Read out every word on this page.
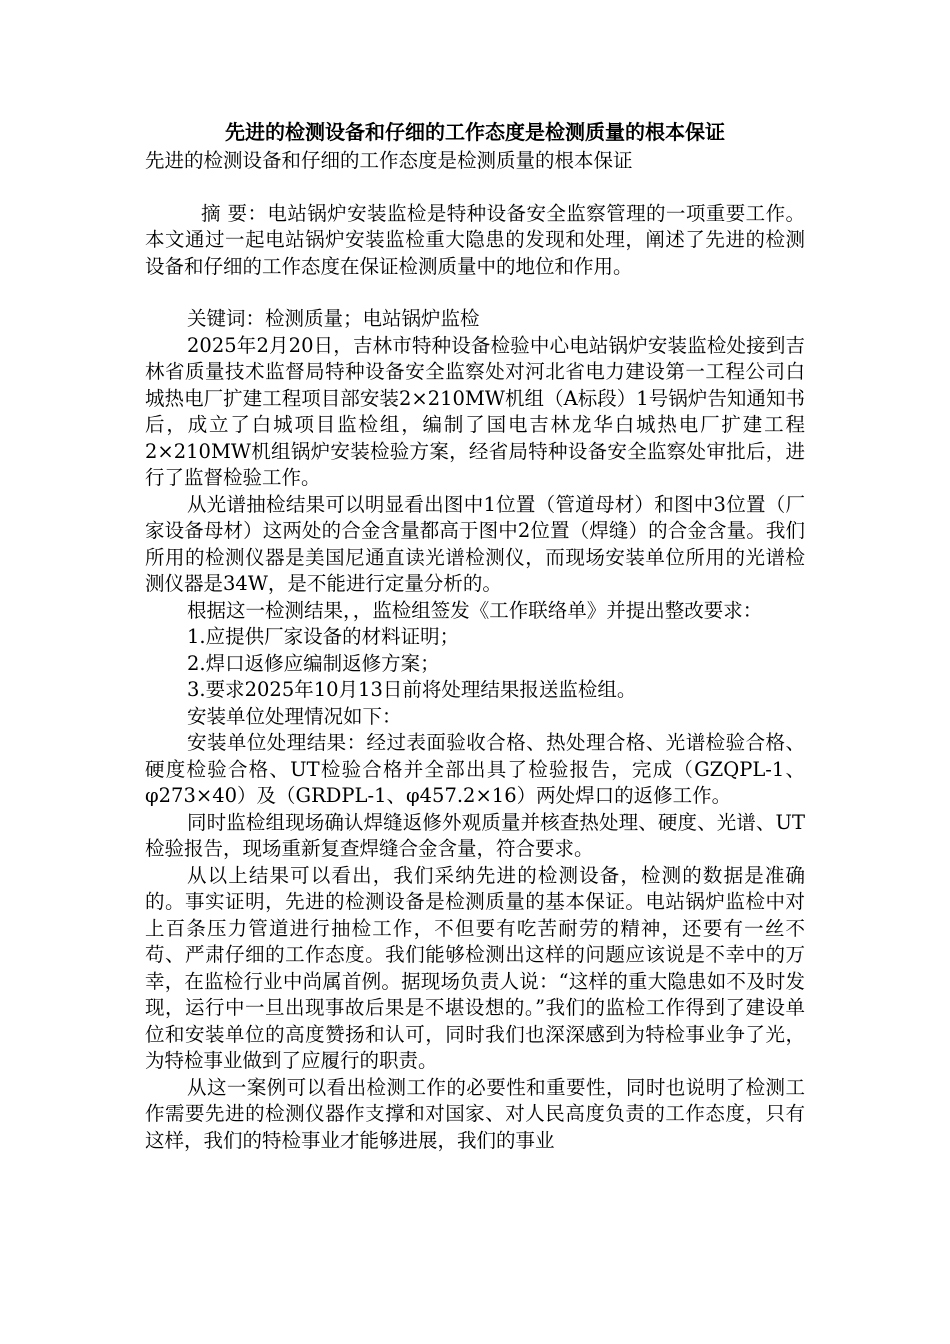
先进的检测设备和仔细的工作态度是检测质量的根本保证
先进的检测设备和仔细的工作态度是检测质量的根本保证

摘 要：电站锅炉安装监检是特种设备安全监察管理的一项重要工作。本文通过一起电站锅炉安装监检重大隐患的发现和处理，阐述了先进的检测设备和仔细的工作态度在保证检测质量中的地位和作用。

关键词：检测质量；电站锅炉监检

2025年2月20日，吉林市特种设备检验中心电站锅炉安装监检处接到吉林省质量技术监督局特种设备安全监察处对河北省电力建设第一工程公司白城热电厂扩建工程项目部安装2×210MW机组（A标段）1号锅炉告知通知书后，成立了白城项目监检组，编制了国电吉林龙华白城热电厂扩建工程2×210MW机组锅炉安装检验方案，经省局特种设备安全监察处审批后，进行了监督检验工作。

从光谱抽检结果可以明显看出图中1位置（管道母材）和图中3位置（厂家设备母材）这两处的合金含量都高于图中2位置（焊缝）的合金含量。我们所用的检测仪器是美国尼通直读光谱检测仪，而现场安装单位所用的光谱检测仪器是34W，是不能进行定量分析的。

根据这一检测结果，，监检组签发《工作联络单》并提出整改要求：

1.应提供厂家设备的材料证明；

2.焊口返修应编制返修方案；

3.要求2025年10月13日前将处理结果报送监检组。

安装单位处理情况如下：

安装单位处理结果：经过表面验收合格、热处理合格、光谱检验合格、硬度检验合格、UT检验合格并全部出具了检验报告，完成（GZQPL-1、φ273×40）及（GRDPL-1、φ457.2×16）两处焊口的返修工作。

同时监检组现场确认焊缝返修外观质量并核查热处理、硬度、光谱、UT检验报告，现场重新复查焊缝合金含量，符合要求。

从以上结果可以看出，我们采纳先进的检测设备，检测的数据是准确的。事实证明，先进的检测设备是检测质量的基本保证。电站锅炉监检中对上百条压力管道进行抽检工作，不但要有吃苦耐劳的精神，还要有一丝不苟、严肃仔细的工作态度。我们能够检测出这样的问题应该说是不幸中的万幸，在监检行业中尚属首例。据现场负责人说：“这样的重大隐患如不及时发现，运行中一旦出现事故后果是不堪设想的。”我们的监检工作得到了建设单位和安装单位的高度赞扬和认可，同时我们也深深感到为特检事业争了光，为特检事业做到了应履行的职责。

从这一案例可以看出检测工作的必要性和重要性，同时也说明了检测工作需要先进的检测仪器作支撑和对国家、对人民高度负责的工作态度，只有这样，我们的特检事业才能够进展，我们的事业
